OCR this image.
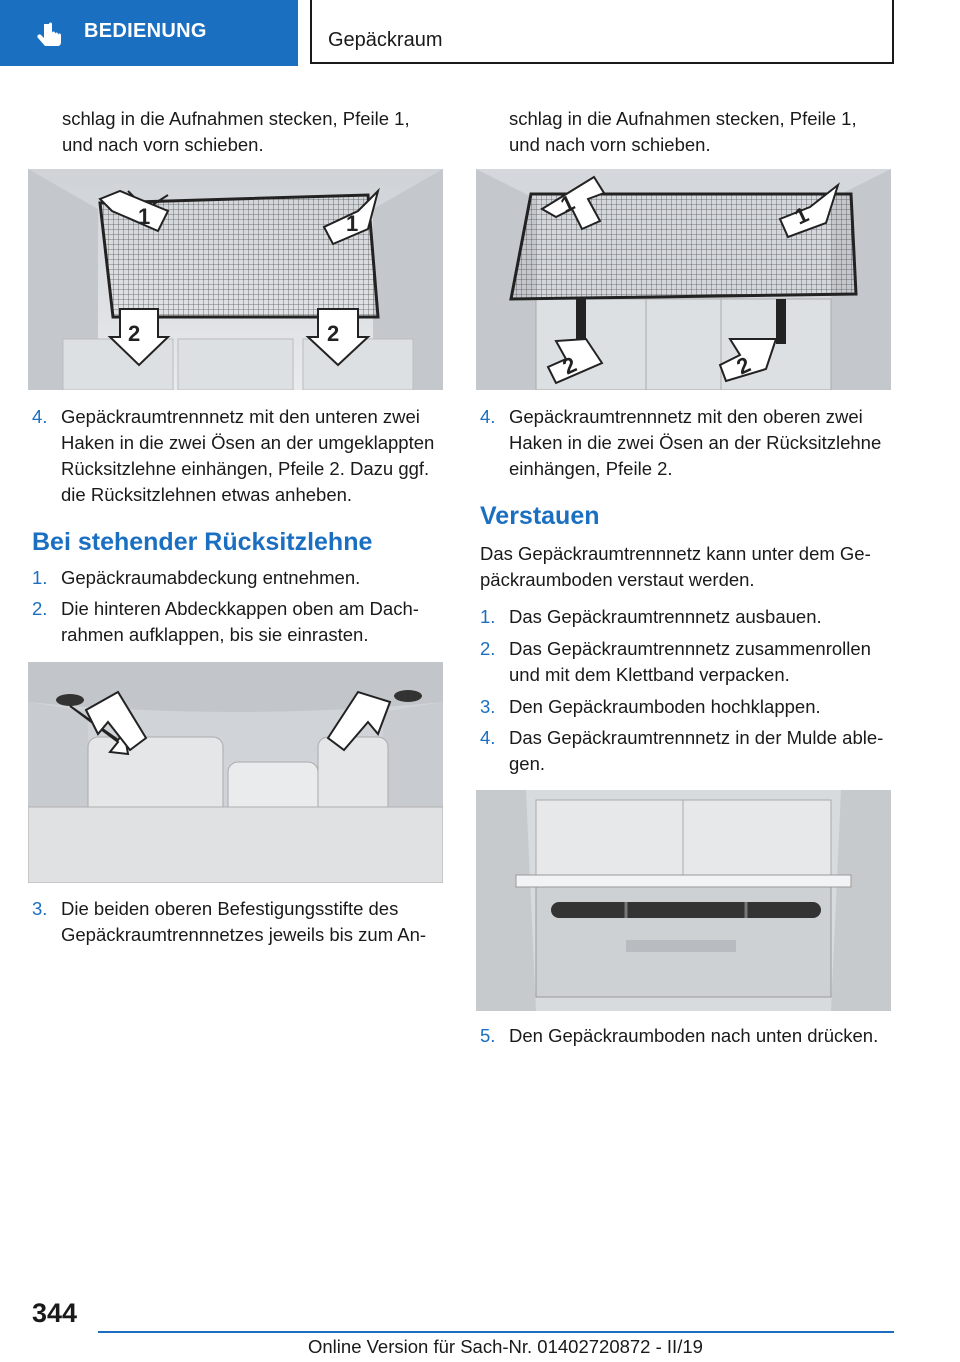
BEDIENUNG	Gepäckraum
schlag in die Aufnahmen stecken, Pfeile 1,
und nach vorn schieben.
1	1
2	2
4. Gepäckraumtrennnetz mit den unteren zwei
Haken in die zwei Ösen an der umgeklappten
Rücksitzlehne einhängen, Pfeile 2. Dazu ggf.
die Rücksitzlehnen etwas anheben.
Bei stehender Rücksitzlehne
1. Gepäckraumabdeckung entnehmen.
2. Die hinteren Abdeckkappen oben am Dach-
rahmen aufklappen, bis sie einrasten.
3. Die beiden oberen Befestigungsstifte des
Gepäckraumtrennnetzes jeweils bis zum An-
schlag in die Aufnahmen stecken, Pfeile 1,
und nach vorn schieben.
1	1
2	2
4. Gepäckraumtrennnetz mit den oberen zwei
Haken in die zwei Ösen an der Rücksitzlehne
einhängen, Pfeile 2.
Verstauen
Das Gepäckraumtrennnetz kann unter dem Ge-
päckraumboden verstaut werden.
1. Das Gepäckraumtrennnetz ausbauen.
2. Das Gepäckraumtrennnetz zusammenrollen
und mit dem Klettband verpacken.
3. Den Gepäckraumboden hochklappen.
4. Das Gepäckraumtrennnetz in der Mulde able-
gen.
5. Den Gepäckraumboden nach unten drücken.
344
Online Version für Sach-Nr. 01402720872 - II/19
